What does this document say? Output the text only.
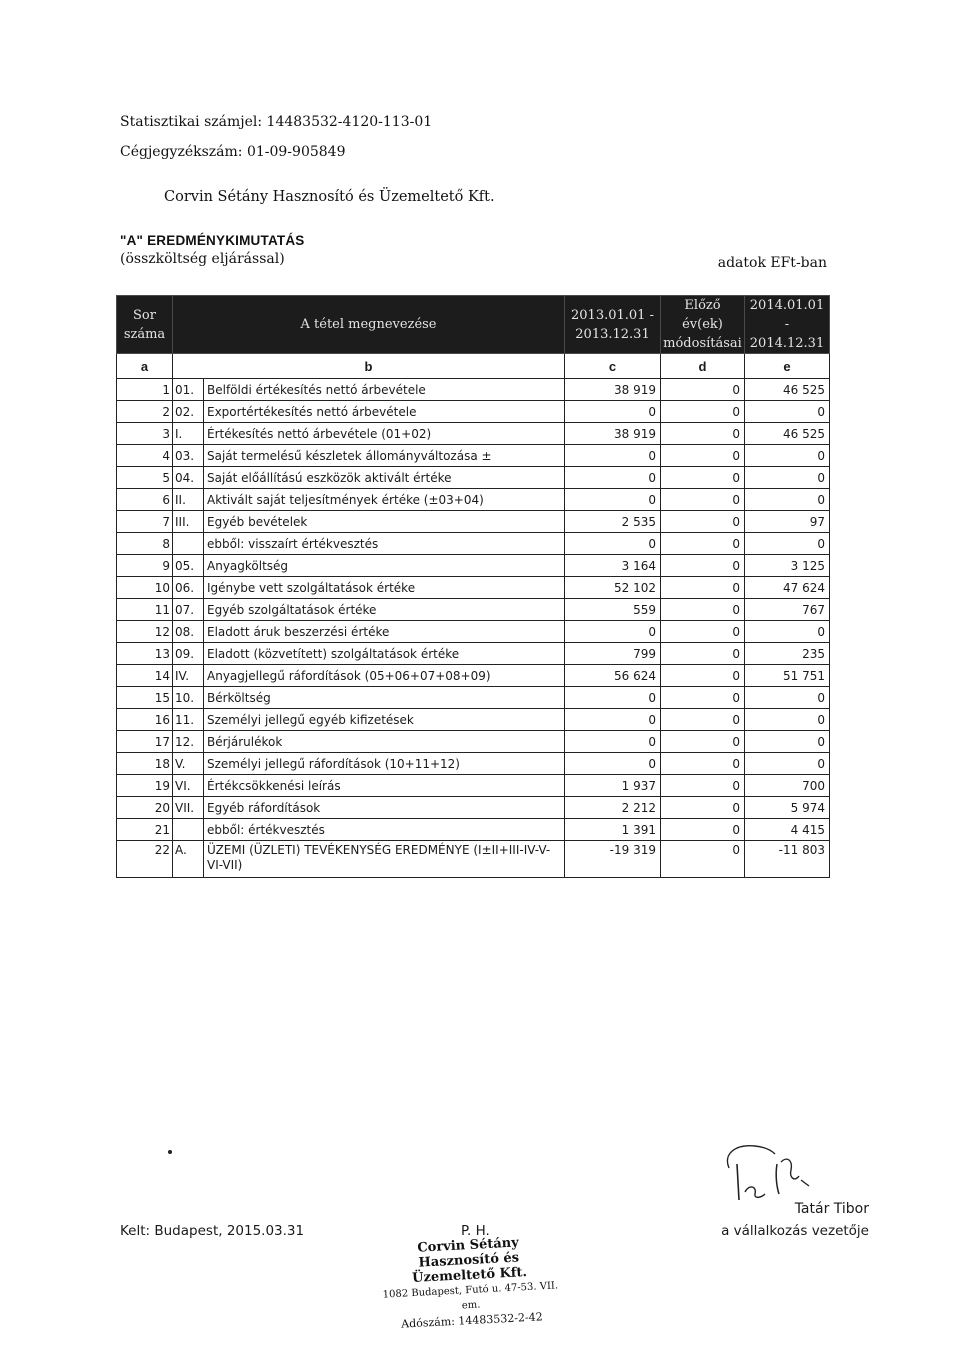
Statisztikai számjel: 14483532-4120-113-01
Cégjegyzékszám: 01-09-905849
Corvin Sétány Hasznosító és Üzemeltető Kft.
"A" EREDMÉNYKIMUTATÁS
(összköltség eljárással)	adatok EFt-ban
Sor száma	A tétel megnevezése		2013.01.01 - 2013.12.31	Előző év(ek) módosításai	2014.01.01 - 2014.12.31
a	b		c	d	e
1	01.	Belföldi értékesítés nettó árbevétele	38 919	0	46 525
2	02.	Exportértékesítés nettó árbevétele	0	0	0
3	I.	Értékesítés nettó árbevétele (01+02)	38 919	0	46 525
4	03.	Saját termelésű készletek állományváltozása ±	0	0	0
5	04.	Saját előállítású eszközök aktivált értéke	0	0	0
6	II.	Aktivált saját teljesítmények értéke (±03+04)	0	0	0
7	III.	Egyéb bevételek	2 535	0	97
8		ebből: visszaírt értékvesztés	0	0	0
9	05.	Anyagköltség	3 164	0	3 125
10	06.	Igénybe vett szolgáltatások értéke	52 102	0	47 624
11	07.	Egyéb szolgáltatások értéke	559	0	767
12	08.	Eladott áruk beszerzési értéke	0	0	0
13	09.	Eladott (közvetített) szolgáltatások értéke	799	0	235
14	IV.	Anyagjellegű ráfordítások (05+06+07+08+09)	56 624	0	51 751
15	10.	Bérköltség	0	0	0
16	11.	Személyi jellegű egyéb kifizetések	0	0	0
17	12.	Bérjárulékok	0	0	0
18	V.	Személyi jellegű ráfordítások (10+11+12)	0	0	0
19	VI.	Értékcsökkenési leírás	1 937	0	700
20	VII.	Egyéb ráfordítások	2 212	0	5 974
21		ebből: értékvesztés	1 391	0	4 415
22	A.	ÜZEMI (ÜZLETI) TEVÉKENYSÉG EREDMÉNYE (I±II+III-IV-V-VI-VII)	-19 319	0	-11 803
Kelt: Budapest, 2015.03.31	P. H.
Corvin Sétány
Hasznosító és Üzemeltető Kft.
1082 Budapest, Futó u. 47-53. VII. em.
Adószám: 14483532-2-42
Tatár Tibor
a vállalkozás vezetője
